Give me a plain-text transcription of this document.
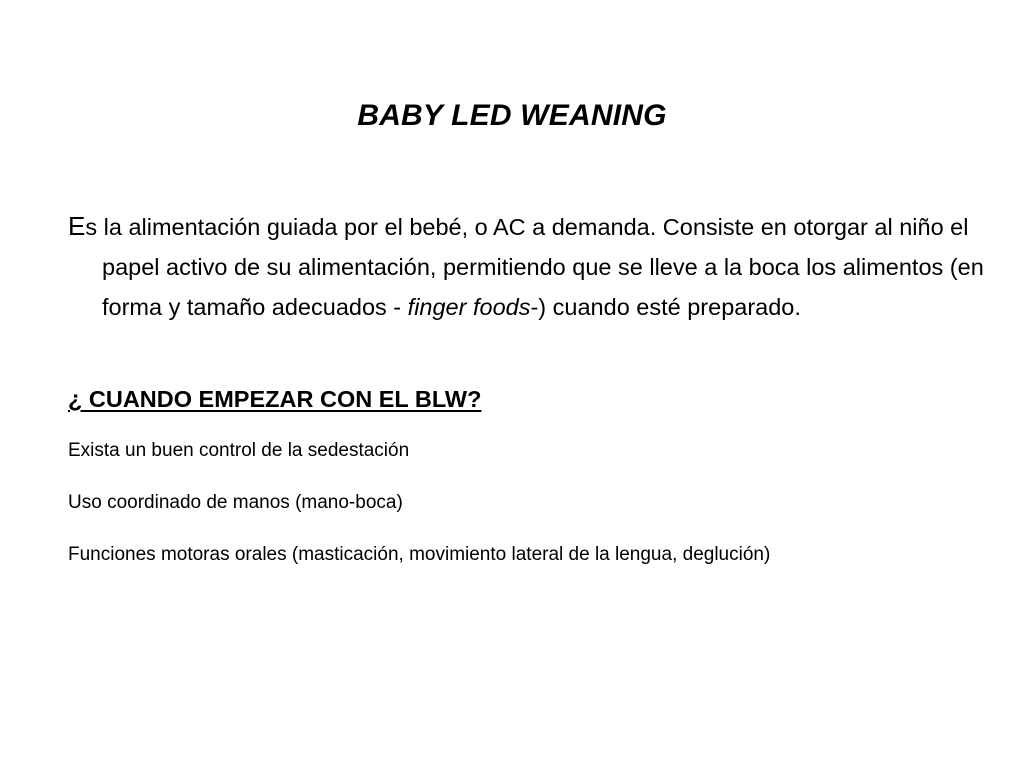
BABY LED WEANING

Es la alimentación guiada por el bebé, o AC a demanda. Consiste en otorgar al niño el papel activo de su alimentación, permitiendo que se lleve a la boca los alimentos (en forma y tamaño adecuados - finger foods-) cuando esté preparado.

¿ CUANDO EMPEZAR CON EL BLW?

Exista un buen control de la sedestación

Uso coordinado de manos (mano-boca)

Funciones motoras orales (masticación, movimiento lateral de la lengua, deglución)
